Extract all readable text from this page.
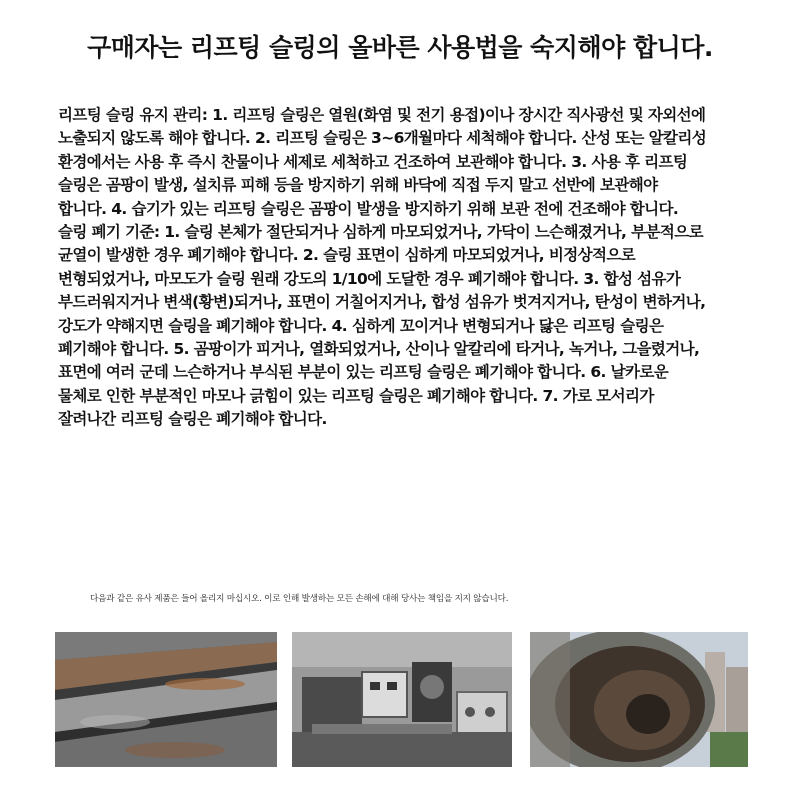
구매자는 리프팅 슬링의 올바른 사용법을 숙지해야 합니다.
리프팅 슬링 유지 관리: 1. 리프팅 슬링은 열원(화염 및 전기 용접)이나 장시간 직사광선 및 자외선에 노출되지 않도록 해야 합니다. 2. 리프팅 슬링은 3~6개월마다 세척해야 합니다. 산성 또는 알칼리성 환경에서는 사용 후 즉시 찬물이나 세제로 세척하고 건조하여 보관해야 합니다. 3. 사용 후 리프팅 슬링은 곰팡이 발생, 설치류 피해 등을 방지하기 위해 바닥에 직접 두지 말고 선반에 보관해야 합니다. 4. 습기가 있는 리프팅 슬링은 곰팡이 발생을 방지하기 위해 보관 전에 건조해야 합니다. 슬링 폐기 기준: 1. 슬링 본체가 절단되거나 심하게 마모되었거나, 가닥이 느슨해졌거나, 부분적으로 균열이 발생한 경우 폐기해야 합니다. 2. 슬링 표면이 심하게 마모되었거나, 비정상적으로 변형되었거나, 마모도가 슬링 원래 강도의 1/10에 도달한 경우 폐기해야 합니다. 3. 합성 섬유가 부드러워지거나 변색(황변)되거나, 표면이 거칠어지거나, 합성 섬유가 벗겨지거나, 탄성이 변하거나, 강도가 약해지면 슬링을 폐기해야 합니다. 4. 심하게 꼬이거나 변형되거나 닳은 리프팅 슬링은 폐기해야 합니다. 5. 곰팡이가 피거나, 열화되었거나, 산이나 알칼리에 타거나, 녹거나, 그을렸거나, 표면에 여러 군데 느슨하거나 부식된 부분이 있는 리프팅 슬링은 폐기해야 합니다. 6. 날카로운 물체로 인한 부분적인 마모나 긁힘이 있는 리프팅 슬링은 폐기해야 합니다. 7. 가로 모서리가 잘려나간 리프팅 슬링은 폐기해야 합니다.
다음과 같은 유사 제품은 들어 올리지 마십시오. 이로 인해 발생하는 모든 손해에 대해 당사는 책임을 지지 않습니다.
